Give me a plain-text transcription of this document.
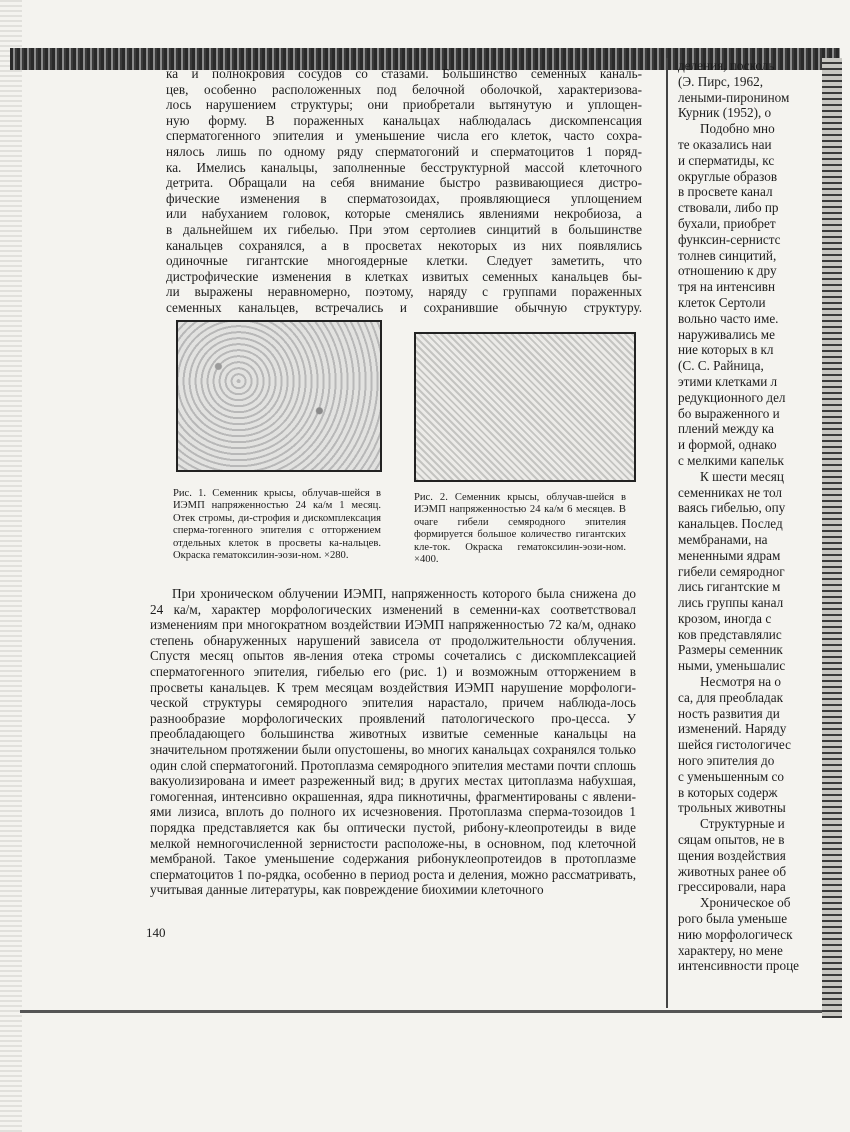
ка и полнокровия сосудов со стазами. Большинство семенных каналь-

цев, особенно расположенных под белочной оболочкой, характеризова-

лось нарушением структуры; они приобретали вытянутую и уплощен-

ную форму. В пораженных канальцах наблюдалась дискомпенсация

сперматогенного эпителия и уменьшение числа его клеток, часто сохра-

нялось лишь по одному ряду сперматогоний и сперматоцитов 1 поряд-

ка. Имелись канальцы, заполненные бесструктурной массой клеточного

детрита. Обращали на себя внимание быстро развивающиеся дистро-

фические изменения в сперматозоидах, проявляющиеся уплощением

или набуханием головок, которые сменялись явлениями некробиоза, а

в дальнейшем их гибелью. При этом сертолиев синцитий в большинстве

канальцев сохранялся, а в просветах некоторых из них появлялись

одиночные гигантские многоядерные клетки. Следует заметить, что

дистрофические изменения в клетках извитых семенных канальцев бы-

ли выражены неравномерно, поэтому, наряду с группами пораженных

семенных канальцев, встречались и сохранившие обычную структуру.

Рис. 1. Семенник крысы, облучав-шейся в ИЭМП напряженностью 24 ка/м 1 месяц. Отек стромы, ди-строфия и дискомплексация сперма-тогенного эпителия с отторжением отдельных клеток в просветы ка-нальцев. Окраска гематоксилин-эози-ном. ×280.

Рис. 2. Семенник крысы, облучав-шейся в ИЭМП напряженностью 24 ка/м 6 месяцев. В очаге гибели семяродного эпителия формируется большое количество гигантских кле-ток. Окраска гематоксилин-эози-ном. ×400.

При хроническом облучении ИЭМП, напряженность которого была снижена до 24 ка/м, характер морфологических изменений в семенни-ках соответствовал изменениям при многократном воздействии ИЭМП напряженностью 72 ка/м, однако степень обнаруженных нарушений зависела от продолжительности облучения. Спустя месяц опытов яв-ления отека стромы сочетались с дискомплексацией сперматогенного эпителия, гибелью его (рис. 1) и возможным отторжением в просветы канальцев. К трем месяцам воздействия ИЭМП нарушение морфологи-ческой структуры семяродного эпителия нарастало, причем наблюда-лось разнообразие морфологических проявлений патологического про-цесса. У преобладающего большинства животных извитые семенные канальцы на значительном протяжении были опустошены, во многих канальцах сохранялся только один слой сперматогоний. Протоплазма семяродного эпителия местами почти сплошь вакуолизирована и имеет разреженный вид; в других местах цитоплазма набухшая, гомогенная, интенсивно окрашенная, ядра пикнотичны, фрагментированы с явлени-ями лизиса, вплоть до полного их исчезновения. Протоплазма сперма-тозоидов 1 порядка представляется как бы оптически пустой, рибону-клеопротеиды в виде мелкой немногочисленной зернистости расположе-ны, в основном, под клеточной мембраной. Такое уменьшение содержания рибонуклеопротеидов в протоплазме сперматоцитов 1 по-рядка, особенно в период роста и деления, можно рассматривать, учитывая данные литературы, как повреждение биохимии клеточного

140

деления, посколь

(Э. Пирс, 1962,

леными-пиронином

Курник (1952), о

Подобно мно

те оказались наи

и сперматиды, кс

округлые образов

в просвете канал

ствовали, либо пр

бухали, приобрет

функсин-сернистс

толнев синцитий,

отношению к дру

тря на интенсивн

клеток Сертоли

вольно часто име.

наруживались ме

ние которых в кл

(С. С. Райница,

этими клетками л

редукционного дел

бо выраженного и

плений между ка

и формой, однако

с мелкими капельк

К шести месяц

семенниках не тол

ваясь гибелью, опу

канальцев. Послед

мембранами, на

мененными ядрам

гибели семяродног

лись гигантские м

лись группы канал

крозом, иногда с

ков представлялис

Размеры семенник

ными, уменьшалис

Несмотря на о

са, для преобладак

ность развития ди

изменений. Наряду

шейся гистологичес

ного эпителия до

с уменьшенным со

в которых содерж

трольных животны

Структурные и

сяцам опытов, не в

щения воздействия

животных ранее об

грессировали, нара

Хроническое об

рого была уменьше

нию морфологическ

характеру, но мене

интенсивности проце
